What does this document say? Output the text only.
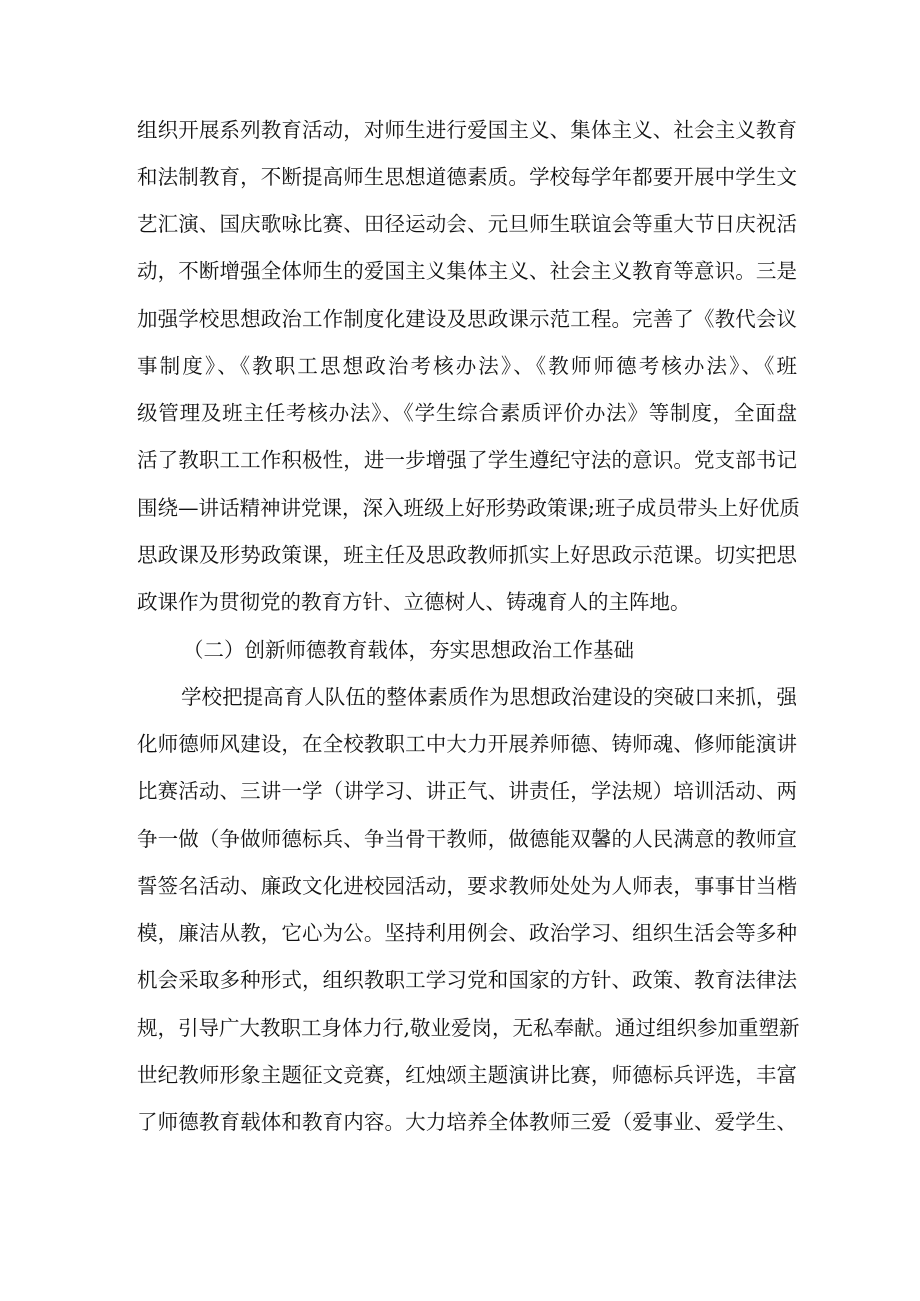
组织开展系列教育活动，对师生进行爱国主义、集体主义、社会主义教育
和法制教育，不断提高师生思想道德素质。学校每学年都要开展中学生文
艺汇演、国庆歌咏比赛、田径运动会、元旦师生联谊会等重大节日庆祝活
动，不断增强全体师生的爱国主义集体主义、社会主义教育等意识。三是
加强学校思想政治工作制度化建设及思政课示范工程。完善了《教代会议
事制度》、《教职工思想政治考核办法》、《教师师德考核办法》、《班
级管理及班主任考核办法》、《学生综合素质评价办法》等制度，全面盘
活了教职工工作积极性，进一步增强了学生遵纪守法的意识。党支部书记
围绕—讲话精神讲党课，深入班级上好形势政策课;班子成员带头上好优质
思政课及形势政策课，班主任及思政教师抓实上好思政示范课。切实把思
政课作为贯彻党的教育方针、立德树人、铸魂育人的主阵地。
（二）创新师德教育载体，夯实思想政治工作基础
学校把提高育人队伍的整体素质作为思想政治建设的突破口来抓，强
化师德师风建设，在全校教职工中大力开展养师德、铸师魂、修师能演讲
比赛活动、三讲一学（讲学习、讲正气、讲责任，学法规）培训活动、两
争一做（争做师德标兵、争当骨干教师，做德能双馨的人民满意的教师宣
誓签名活动、廉政文化进校园活动，要求教师处处为人师表，事事甘当楷
模，廉洁从教，它心为公。坚持利用例会、政治学习、组织生活会等多种
机会采取多种形式，组织教职工学习党和国家的方针、政策、教育法律法
规，引导广大教职工身体力行,敬业爱岗，无私奉献。通过组织参加重塑新
世纪教师形象主题征文竞赛，红烛颂主题演讲比赛，师德标兵评选，丰富
了师德教育载体和教育内容。大力培养全体教师三爱（爱事业、爱学生、
